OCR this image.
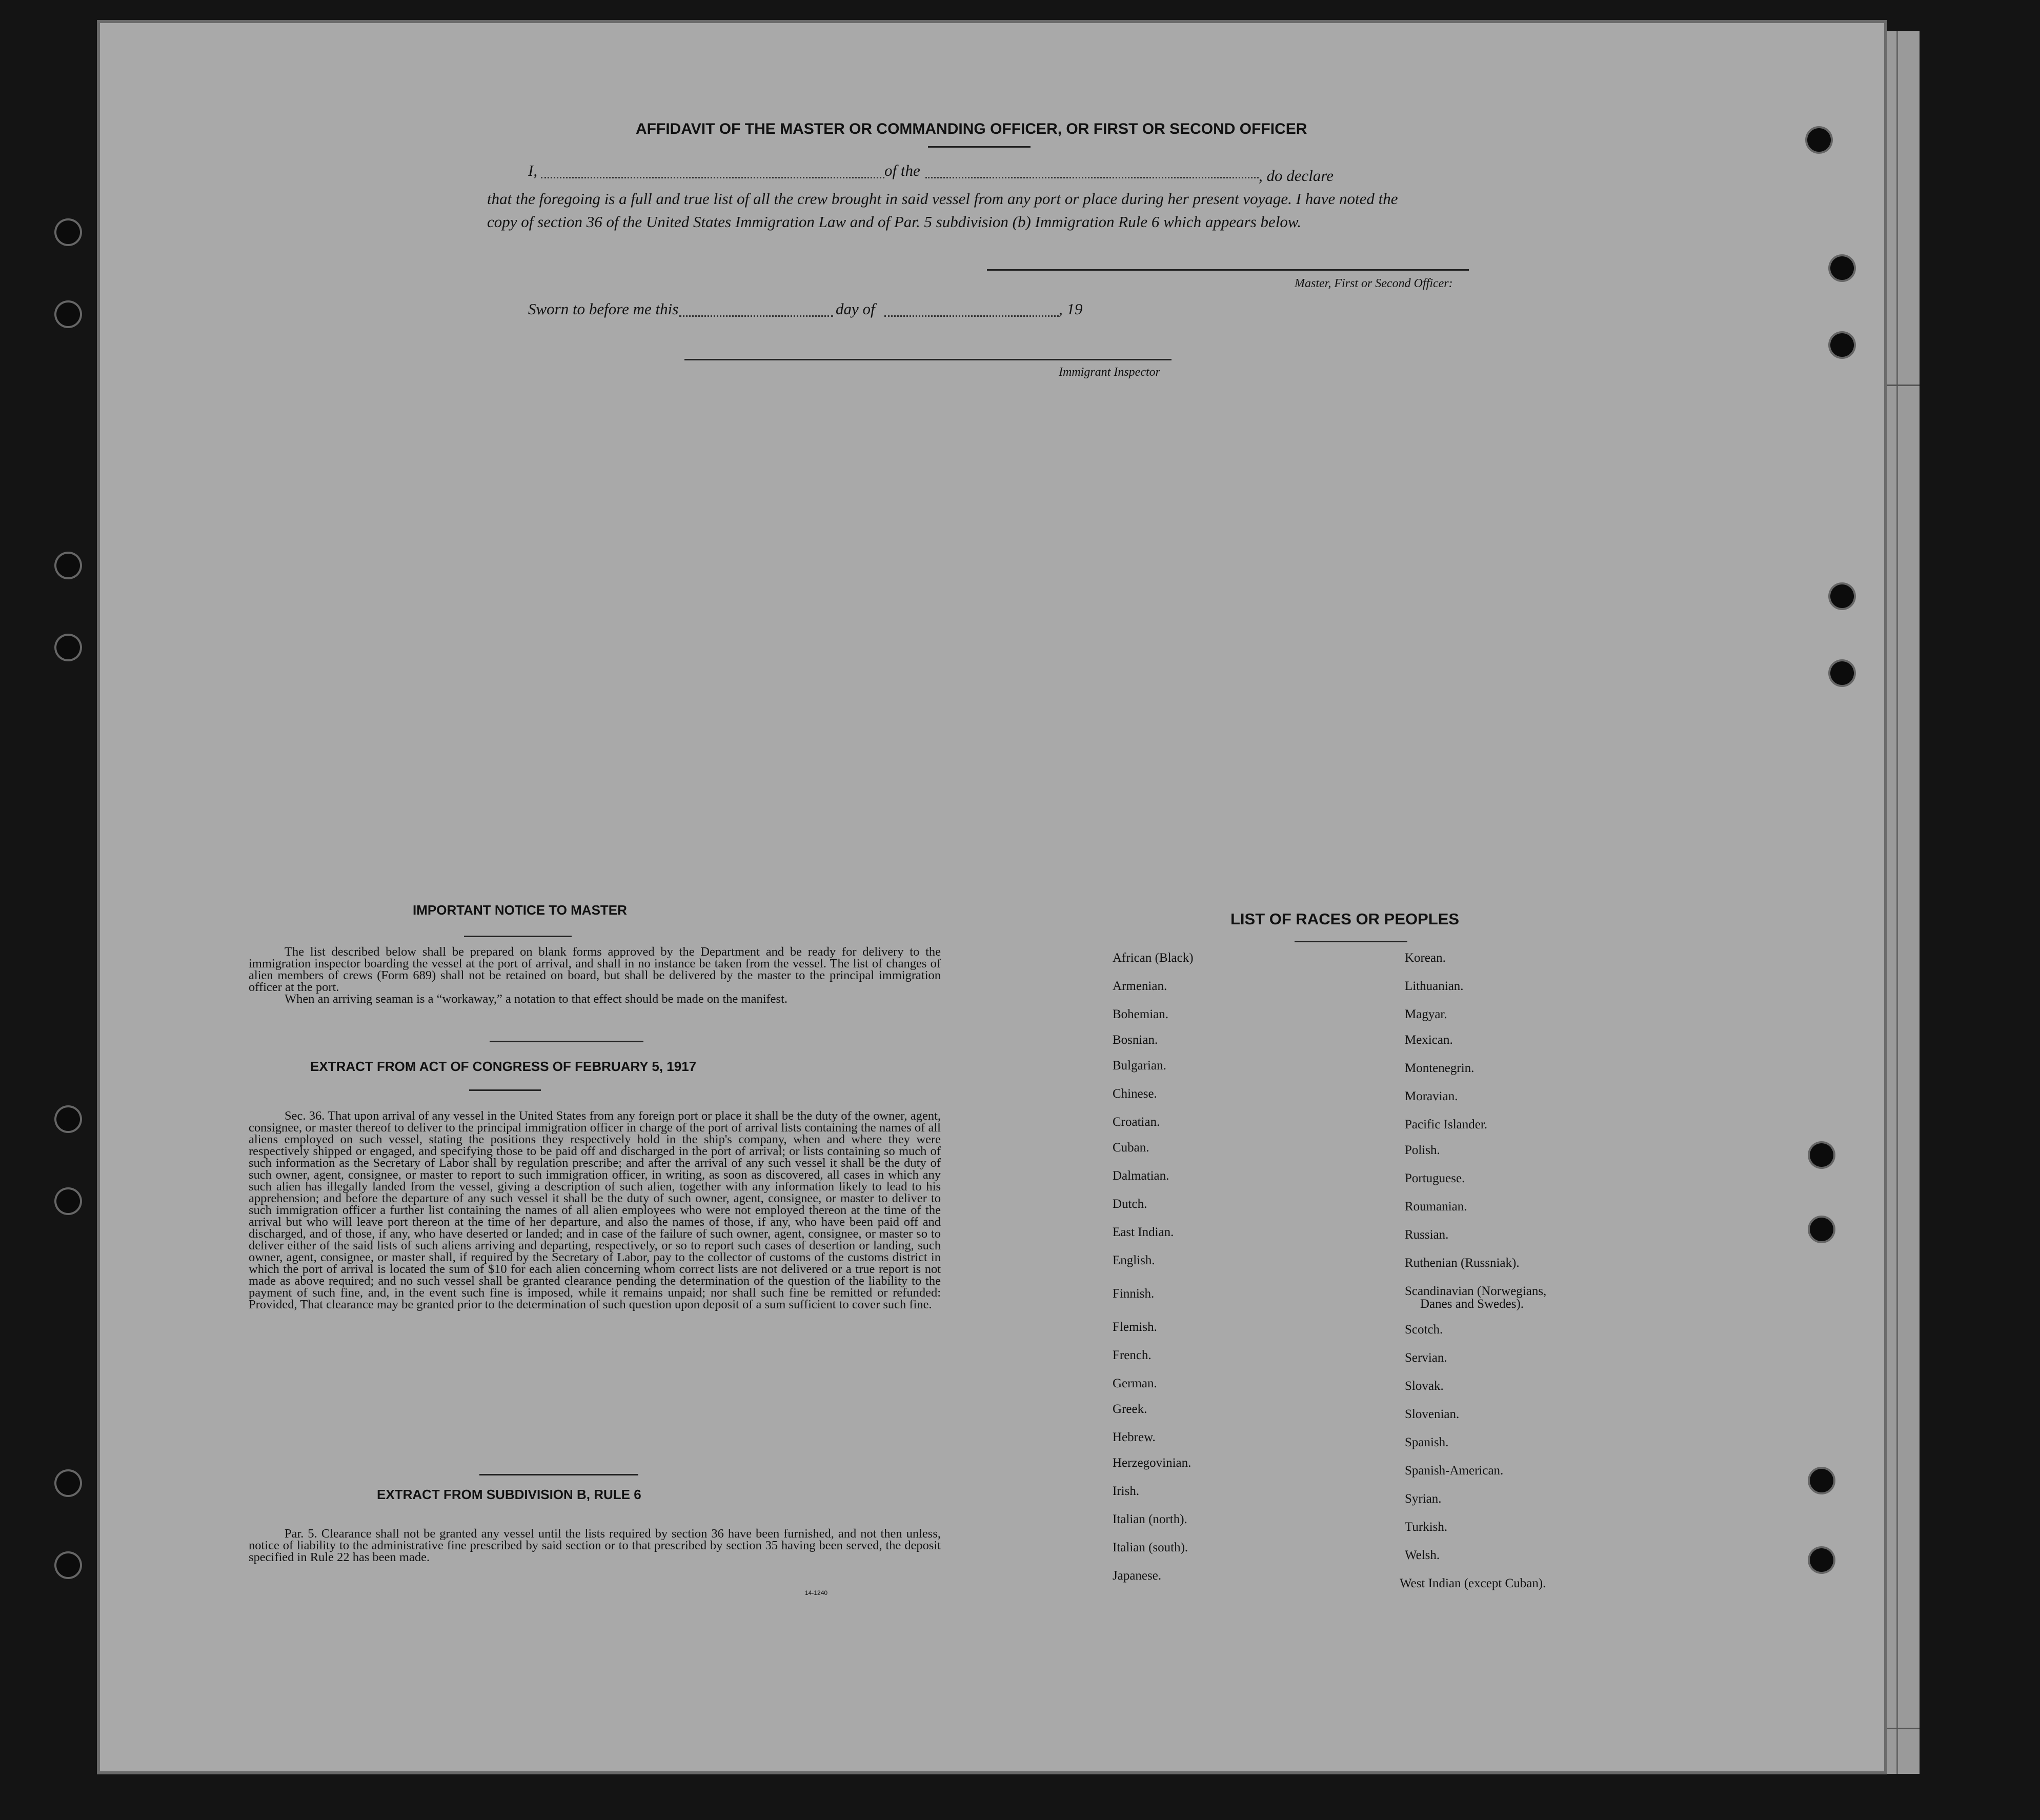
AFFIDAVIT OF THE MASTER OR COMMANDING OFFICER, OR FIRST OR SECOND OFFICER
I,	of the	, do declare
that the foregoing is a full and true list of all the crew brought in said vessel from any port or place during her present voyage. I have noted the
copy of section 36 of the United States Immigration Law and of Par. 5 subdivision (b) Immigration Rule 6 which appears below.
Master, First or Second Officer:
Sworn to before me this	day of	, 19
Immigrant Inspector
IMPORTANT NOTICE TO MASTER
The list described below shall be prepared on blank forms approved by the Department and be ready for delivery to the immigration inspector boarding the vessel at the port of arrival, and shall in no instance be taken from the vessel. The list of changes of alien members of crews (Form 689) shall not be retained on board, but shall be delivered by the master to the principal immigration officer at the port.
When an arriving seaman is a “workaway,” a notation to that effect should be made on the manifest.
EXTRACT FROM ACT OF CONGRESS OF FEBRUARY 5, 1917
Sec. 36. That upon arrival of any vessel in the United States from any foreign port or place it shall be the duty of the owner, agent, consignee, or master thereof to deliver to the principal immigration officer in charge of the port of arrival lists containing the names of all aliens employed on such vessel, stating the positions they respectively hold in the ship's company, when and where they were respectively shipped or engaged, and specifying those to be paid off and discharged in the port of arrival; or lists containing so much of such information as the Secretary of Labor shall by regulation prescribe; and after the arrival of any such vessel it shall be the duty of such owner, agent, consignee, or master to report to such immigration officer, in writing, as soon as discovered, all cases in which any such alien has illegally landed from the vessel, giving a description of such alien, together with any information likely to lead to his apprehension; and before the departure of any such vessel it shall be the duty of such owner, agent, consignee, or master to deliver to such immigration officer a further list containing the names of all alien employees who were not employed thereon at the time of the arrival but who will leave port thereon at the time of her departure, and also the names of those, if any, who have been paid off and discharged, and of those, if any, who have deserted or landed; and in case of the failure of such owner, agent, consignee, or master so to deliver either of the said lists of such aliens arriving and departing, respectively, or so to report such cases of desertion or landing, such owner, agent, consignee, or master shall, if required by the Secretary of Labor, pay to the collector of customs of the customs district in which the port of arrival is located the sum of $10 for each alien concerning whom correct lists are not delivered or a true report is not made as above required; and no such vessel shall be granted clearance pending the determination of the question of the liability to the payment of such fine, and, in the event such fine is imposed, while it remains unpaid; nor shall such fine be remitted or refunded: Provided, That clearance may be granted prior to the determination of such question upon deposit of a sum sufficient to cover such fine.
EXTRACT FROM SUBDIVISION B, RULE 6
Par. 5. Clearance shall not be granted any vessel until the lists required by section 36 have been furnished, and not then unless, notice of liability to the administrative fine prescribed by said section or to that prescribed by section 35 having been served, the deposit specified in Rule 22 has been made.
14-1240
LIST OF RACES OR PEOPLES
African (Black)
Armenian.
Bohemian.
Bosnian.
Bulgarian.
Chinese.
Croatian.
Cuban.
Dalmatian.
Dutch.
East Indian.
English.
Finnish.
Flemish.
French.
German.
Greek.
Hebrew.
Herzegovinian.
Irish.
Italian (north).
Italian (south).
Japanese.
Korean.
Lithuanian.
Magyar.
Mexican.
Montenegrin.
Moravian.
Pacific Islander.
Polish.
Portuguese.
Roumanian.
Russian.
Ruthenian (Russniak).
Scandinavian (Norwegians,
Danes and Swedes).
Scotch.
Servian.
Slovak.
Slovenian.
Spanish.
Spanish-American.
Syrian.
Turkish.
Welsh.
West Indian (except Cuban).
